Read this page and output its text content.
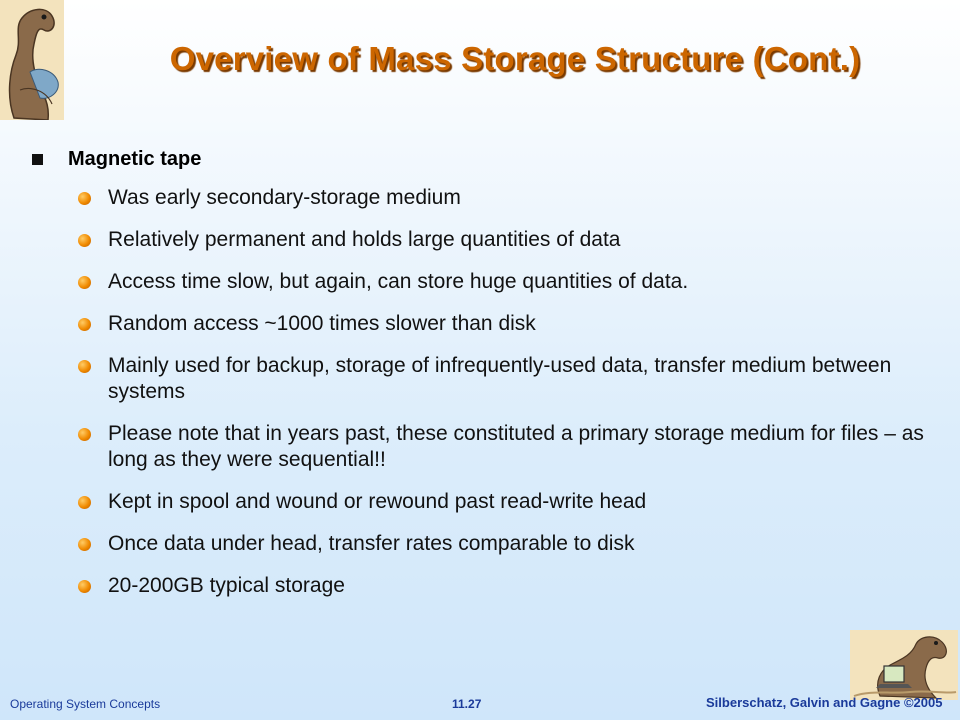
Overview of Mass Storage Structure (Cont.)
Magnetic tape
Was early secondary-storage medium
Relatively permanent and holds large quantities of data
Access time slow, but again, can store huge quantities of data.
Random access ~1000 times slower than disk
Mainly used for backup, storage of infrequently-used data, transfer medium between systems
Please note that in years past, these constituted a primary storage medium for files – as long as they were sequential!!
Kept in spool and wound or rewound past read-write head
Once data under head, transfer rates comparable to disk
20-200GB typical storage
Operating System Concepts	11.27	Silberschatz, Galvin and Gagne ©2005
